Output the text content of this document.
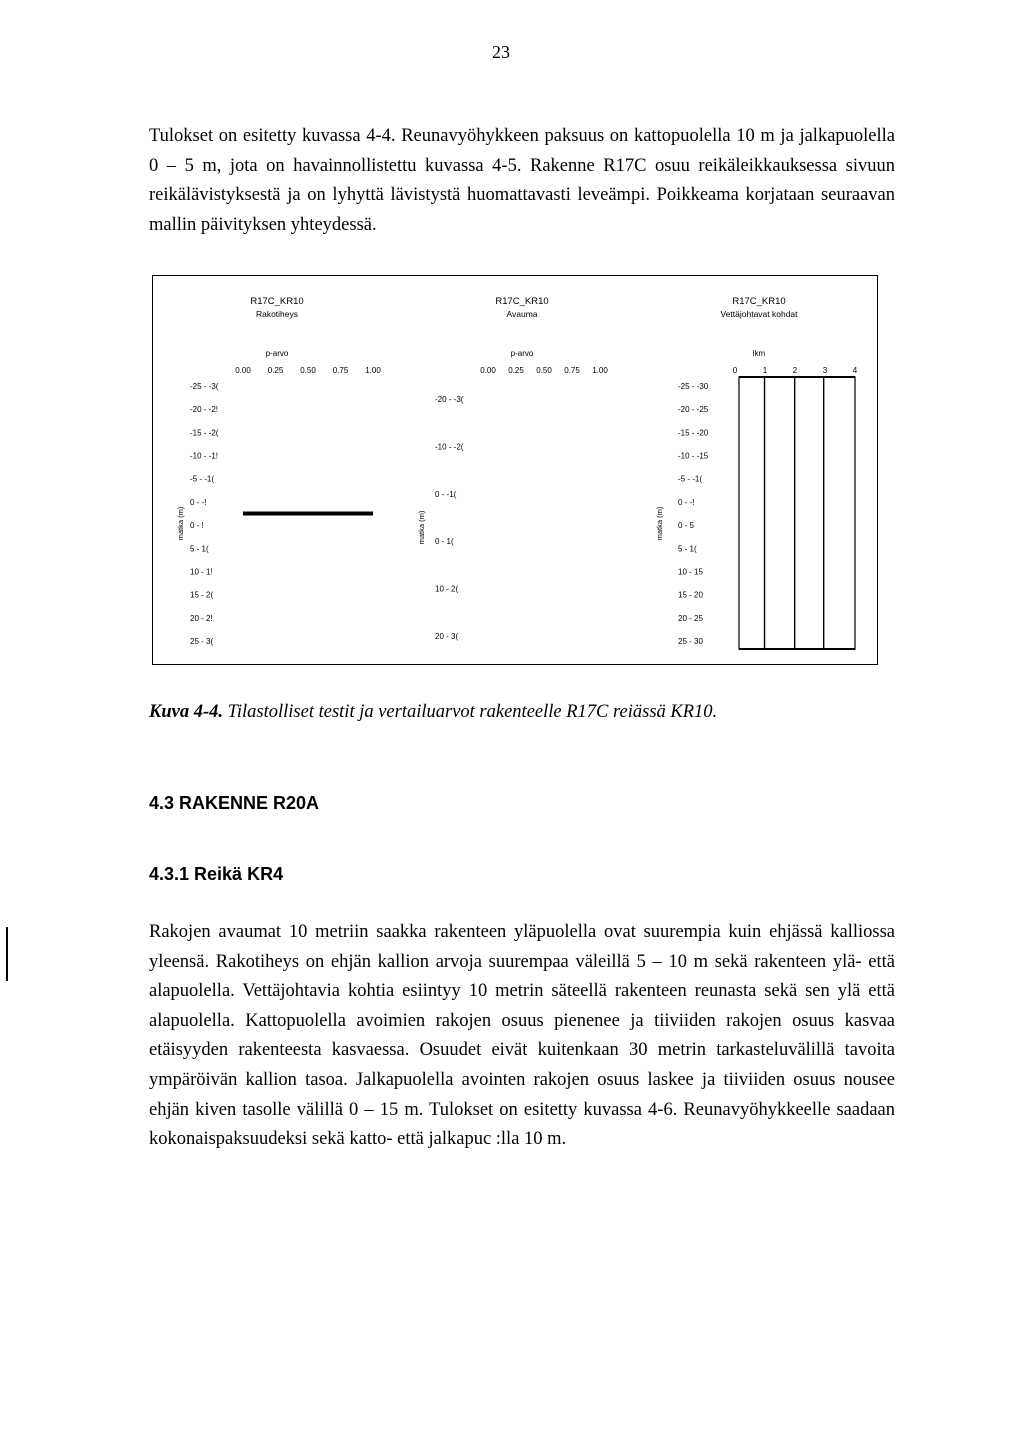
23

Tulokset on esitetty kuvassa 4-4. Reunavyöhykkeen paksuus on kattopuolella 10 m ja jalkapuolella 0 – 5 m, jota on havainnollistettu kuvassa 4-5. Rakenne R17C osuu reikäleikkauksessa sivuun reikälävistyksestä ja on lyhyttä lävistystä huomattavasti leveämpi. Poikkeama korjataan seuraavan mallin päivityksen yhteydessä.

R17C_KR10
Rakotiheys
p-arvo
0.00 0.25 0.50 0.75 1.00
-25 - -3(
-20 - -2!
-15 - -2(
-10 - -1!
-5 - -1(
0 - -!
0 - !
5 - 1(
10 - 1!
15 - 2(
20 - 2!
25 - 3(
matka (m)
R17C_KR10
Avauma
p-arvo
0.00 0.25 0.50 0.75 1.00
-20 - -3(
-10 - -2(
0 - -1(
0 - 1(
10 - 2(
20 - 3(
matka (m)
R17C_KR10
Vettäjohtavat kohdat
lkm
0	1	2	3	4
-25 - -30
-20 - -25
-15 - -20
-10 - -15
-5 - -1(
0 - -!
0 - 5
5 - 1(
10 - 15
15 - 20
20 - 25
25 - 30
matka (m)
Kuva 4-4. Tilastolliset testit ja vertailuarvot rakenteelle R17C reiässä KR10.
4.3 RAKENNE R20A
4.3.1 Reikä KR4

Rakojen avaumat 10 metriin saakka rakenteen yläpuolella ovat suurempia kuin ehjässä kalliossa yleensä. Rakotiheys on ehjän kallion arvoja suurempaa väleillä 5 – 10 m sekä rakenteen ylä- että alapuolella. Vettäjohtavia kohtia esiintyy 10 metrin säteellä rakenteen reunasta sekä sen ylä että alapuolella. Kattopuolella avoimien rakojen osuus pienenee ja tiiviiden rakojen osuus kasvaa etäisyyden rakenteesta kasvaessa. Osuudet eivät kuitenkaan 30 metrin tarkasteluvälillä tavoita ympäröivän kallion tasoa. Jalkapuolella avointen rakojen osuus laskee ja tiiviiden osuus nousee ehjän kiven tasolle välillä 0 – 15 m. Tulokset on esitetty kuvassa 4-6. Reunavyöhykkeelle saadaan kokonaispaksuudeksi sekä katto- että jalkapuc :lla 10 m.
